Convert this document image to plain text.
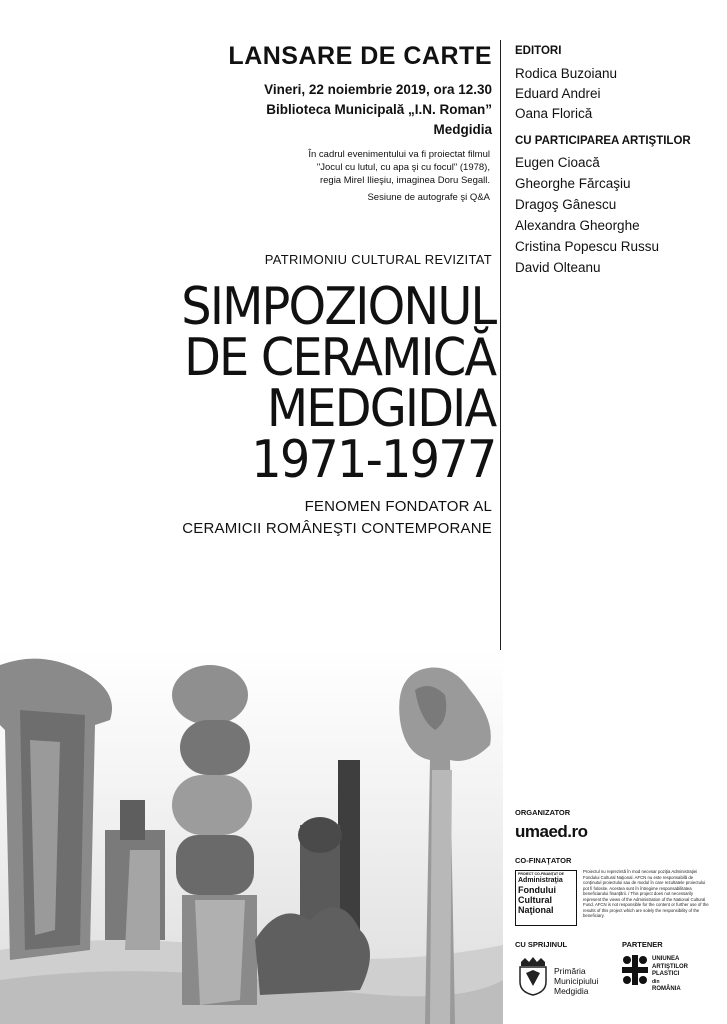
LANSARE DE CARTE
Vineri, 22 noiembrie 2019, ora 12.30
Biblioteca Municipală „I.N. Roman”
Medgidia
În cadrul evenimentului va fi proiectat filmul
"Jocul cu lutul, cu apa şi cu focul" (1978),
regia Mirel Ilieşiu, imaginea Doru Segall.
Sesiune de autografe şi Q&A
PATRIMONIU CULTURAL REVIZITAT
SIMPOZIONUL
DE CERAMICĂ
MEDGIDIA
1971-1977
FENOMEN FONDATOR AL
CERAMICII ROMÂNEŞTI CONTEMPORANE
EDITORI
Rodica Buzoianu
Eduard Andrei
Oana Florică
CU PARTICIPAREA ARTIŞTILOR
Eugen Cioacă
Gheorghe Fărcaşiu
Dragoş Gânescu
Alexandra Gheorghe
Cristina Popescu Russu
David Olteanu
ORGANIZATOR
umaed.ro
CO-FINAŢATOR
PROIECT CO-FINANŢAT DE
Administraţia
Fondului
Cultural
Naţional
Proiectul nu reprezintă în mod necesar poziţia Administraţiei Fondului Cultural Naţional. AFCN nu este responsabilă de conţinutul proiectului sau de modul în care rezultatele proiectului pot fi folosite. Acestea sunt în întregime responsabilitatea beneficiarului finanţării. / This project does not necessarily represent the views of the Administration of the National Cultural Fund. AFCN is not responsible for the content or further use of the results of this project which are solely the responsibility of the beneficiary.
CU SPRIJINUL
Primăria
Municipiului
Medgidia
PARTENER
UNIUNEA
ARTIŞTILOR
PLASTICI
din
ROMÂNIA
